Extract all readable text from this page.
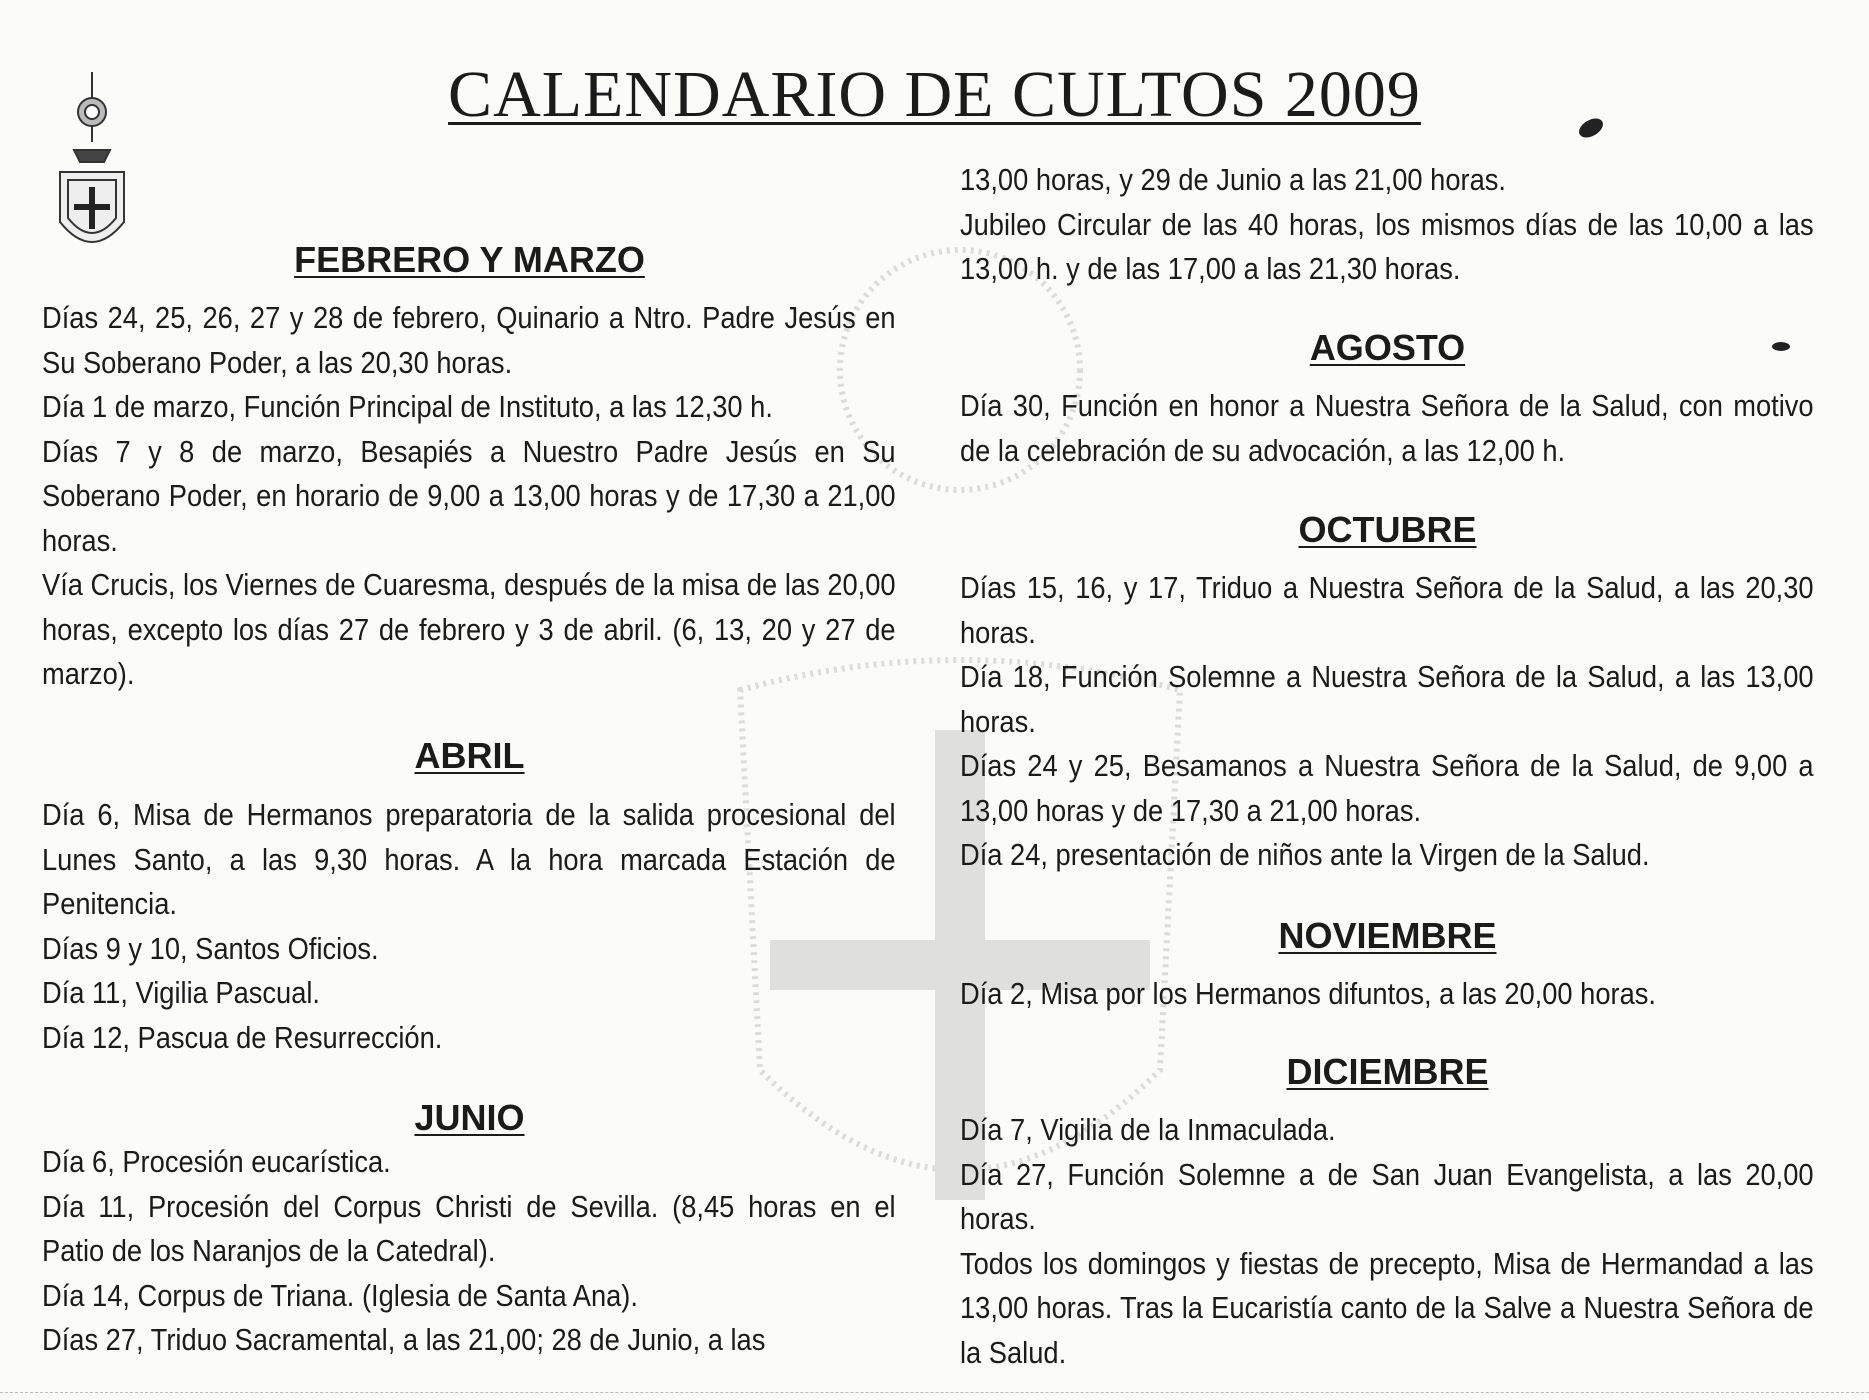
CALENDARIO DE CULTOS 2009
FEBRERO Y MARZO

Días 24, 25, 26, 27 y 28 de febrero, Quinario a Ntro. Padre Jesús en Su Soberano Poder, a las 20,30 horas.

Día 1 de marzo, Función Principal de Instituto, a las 12,30 h.

Días 7 y 8 de marzo, Besapiés a Nuestro Padre Jesús en Su Soberano Poder, en horario de 9,00 a 13,00 horas y de 17,30 a 21,00 horas.

Vía Crucis, los Viernes de Cuaresma, después de la misa de las 20,00 horas, excepto los días 27 de febrero y 3 de abril. (6, 13, 20 y 27 de marzo).

ABRIL

Día 6, Misa de Hermanos preparatoria de la salida procesional del Lunes Santo, a las 9,30 horas. A la hora marcada Estación de Penitencia.

Días 9 y 10, Santos Oficios.

Día 11, Vigilia Pascual.

Día 12, Pascua de Resurrección.

JUNIO

Día 6, Procesión eucarística.

Día 11, Procesión del Corpus Christi de Sevilla. (8,45 horas en el Patio de los Naranjos de la Catedral).

Día 14, Corpus de Triana. (Iglesia de Santa Ana).

Días 27, Triduo Sacramental, a las 21,00; 28 de Junio, a las

13,00 horas, y 29 de Junio a las 21,00 horas.

Jubileo Circular de las 40 horas, los mismos días de las 10,00 a las 13,00 h. y de las 17,00 a las 21,30 horas.

AGOSTO

Día 30, Función en honor a Nuestra Señora de la Salud, con motivo de la celebración de su advocación, a las 12,00 h.

OCTUBRE

Días 15, 16, y 17, Triduo a Nuestra Señora de la Salud, a las 20,30 horas.

Día 18, Función Solemne a Nuestra Señora de la Salud, a las 13,00 horas.

Días 24 y 25, Besamanos a Nuestra Señora de la Salud, de 9,00 a 13,00 horas y de 17,30 a 21,00 horas.

Día 24, presentación de niños ante la Virgen de la Salud.

NOVIEMBRE

Día 2, Misa por los Hermanos difuntos, a las 20,00 horas.

DICIEMBRE

Día 7, Vigilia de la Inmaculada.

Día 27, Función Solemne a de San Juan Evangelista, a las 20,00 horas.

Todos los domingos y fiestas de precepto, Misa de Hermandad a las 13,00 horas. Tras la Eucaristía canto de la Salve a Nuestra Señora de la Salud.
